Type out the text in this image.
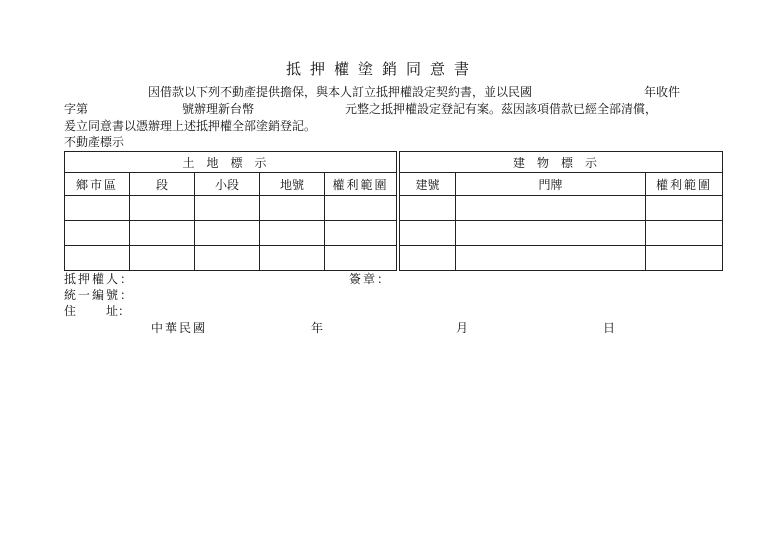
抵押權塗銷同意書
因借款以下列不動產提供擔保，與本人訂立抵押權設定契約書，並以民國	年收件
字第	號辦理新台幣	元整之抵押權設定登記有案。茲因該項借款已經全部清償，
爰立同意書以憑辦理上述抵押權全部塗銷登記。
不動產標示
土地標示				
鄉市區	段	小段	地號	權利範圍

建物標示		
建號	門牌	權利範圍

抵押權人：	簽章：
統一編號：
住 址：
中華民國	年	月	日
